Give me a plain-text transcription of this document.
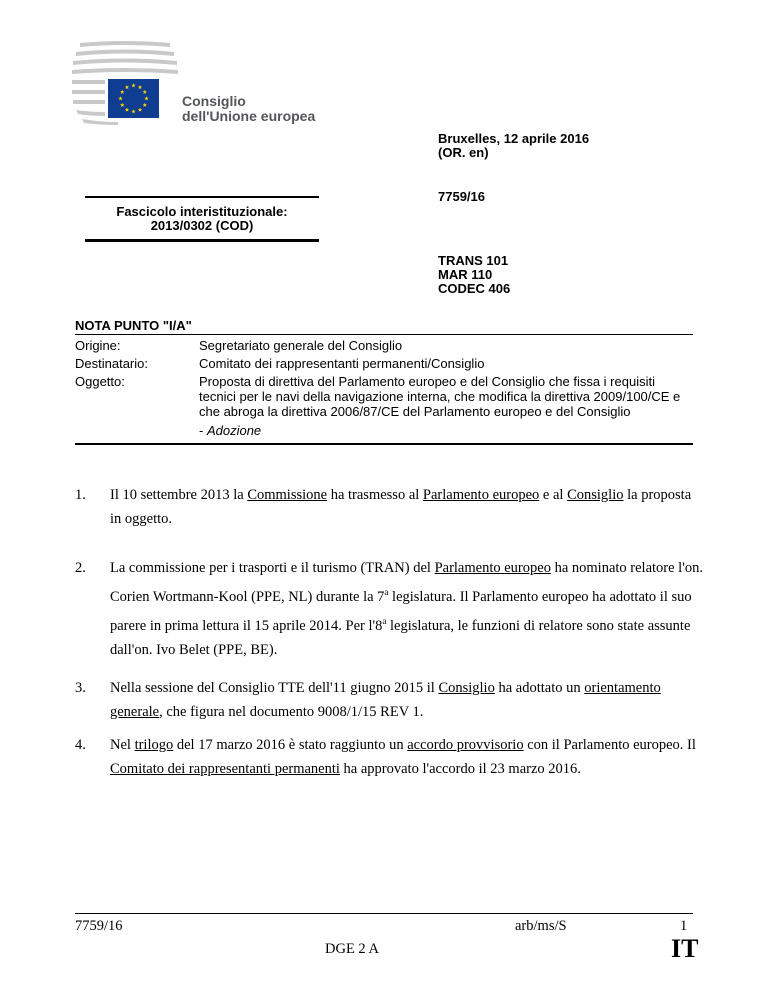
Consiglio
dell'Unione europea
Bruxelles, 12 aprile 2016
(OR. en)
7759/16
Fascicolo interistituzionale:
2013/0302 (COD)
TRANS 101
MAR 110
CODEC 406
NOTA PUNTO "I/A"
Origine:	Segretariato generale del Consiglio
Destinatario:	Comitato dei rappresentanti permanenti/Consiglio
Oggetto:	Proposta di direttiva del Parlamento europeo e del Consiglio che fissa i requisiti tecnici per le navi della navigazione interna, che modifica la direttiva 2009/100/CE e che abroga la direttiva 2006/87/CE del Parlamento europeo e del Consiglio
- Adozione
1. Il 10 settembre 2013 la Commissione ha trasmesso al Parlamento europeo e al Consiglio la proposta in oggetto.
2. La commissione per i trasporti e il turismo (TRAN) del Parlamento europeo ha nominato relatore l'on. Corien Wortmann-Kool (PPE, NL) durante la 7$^a$ legislatura. Il Parlamento europeo ha adottato il suo parere in prima lettura il 15 aprile 2014. Per l'8$^a$ legislatura, le funzioni di relatore sono state assunte dall'on. Ivo Belet (PPE, BE).
3. Nella sessione del Consiglio TTE dell'11 giugno 2015 il Consiglio ha adottato un orientamento generale, che figura nel documento 9008/1/15 REV 1.
4. Nel trilogo del 17 marzo 2016 è stato raggiunto un accordo provvisorio con il Parlamento europeo. Il Comitato dei rappresentanti permanenti ha approvato l'accordo il 23 marzo 2016.
7759/16	arb/ms/S	1
DGE 2 A	IT
